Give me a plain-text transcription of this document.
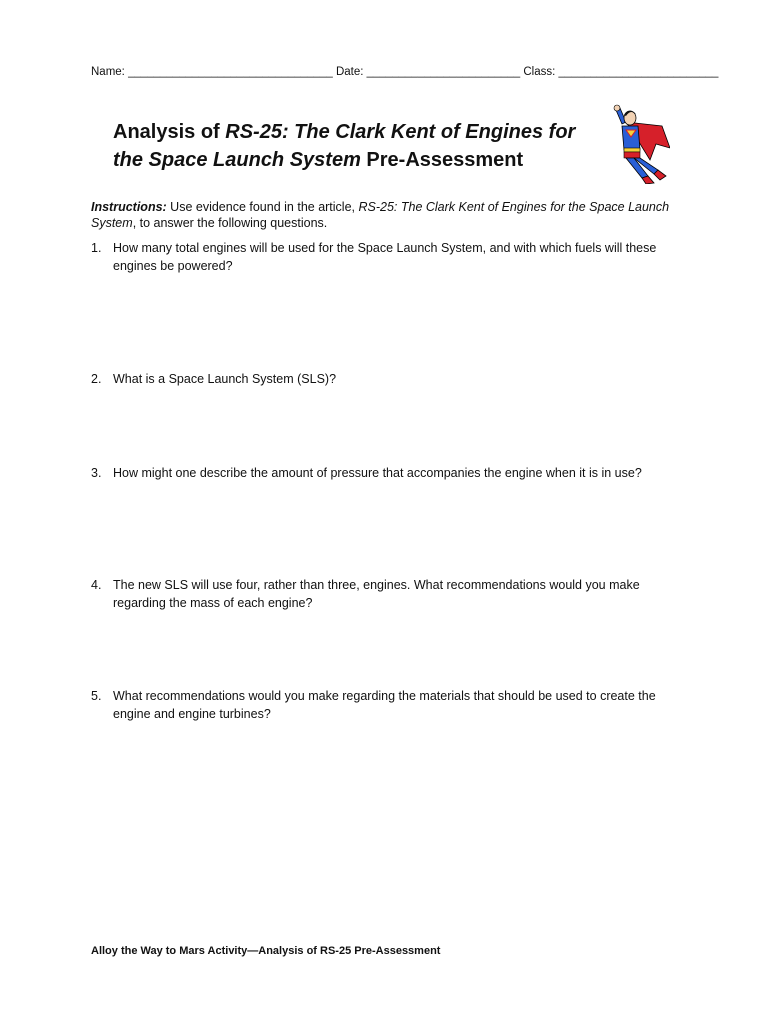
Name: ________________________________ Date: ________________________ Class: _________________________
Analysis of RS-25: The Clark Kent of Engines for the Space Launch System Pre-Assessment
Instructions: Use evidence found in the article, RS-25: The Clark Kent of Engines for the Space Launch System, to answer the following questions.
1. How many total engines will be used for the Space Launch System, and with which fuels will these engines be powered?
2. What is a Space Launch System (SLS)?
3. How might one describe the amount of pressure that accompanies the engine when it is in use?
4. The new SLS will use four, rather than three, engines. What recommendations would you make regarding the mass of each engine?
5. What recommendations would you make regarding the materials that should be used to create the engine and engine turbines?
Alloy the Way to Mars Activity—Analysis of RS-25 Pre-Assessment
